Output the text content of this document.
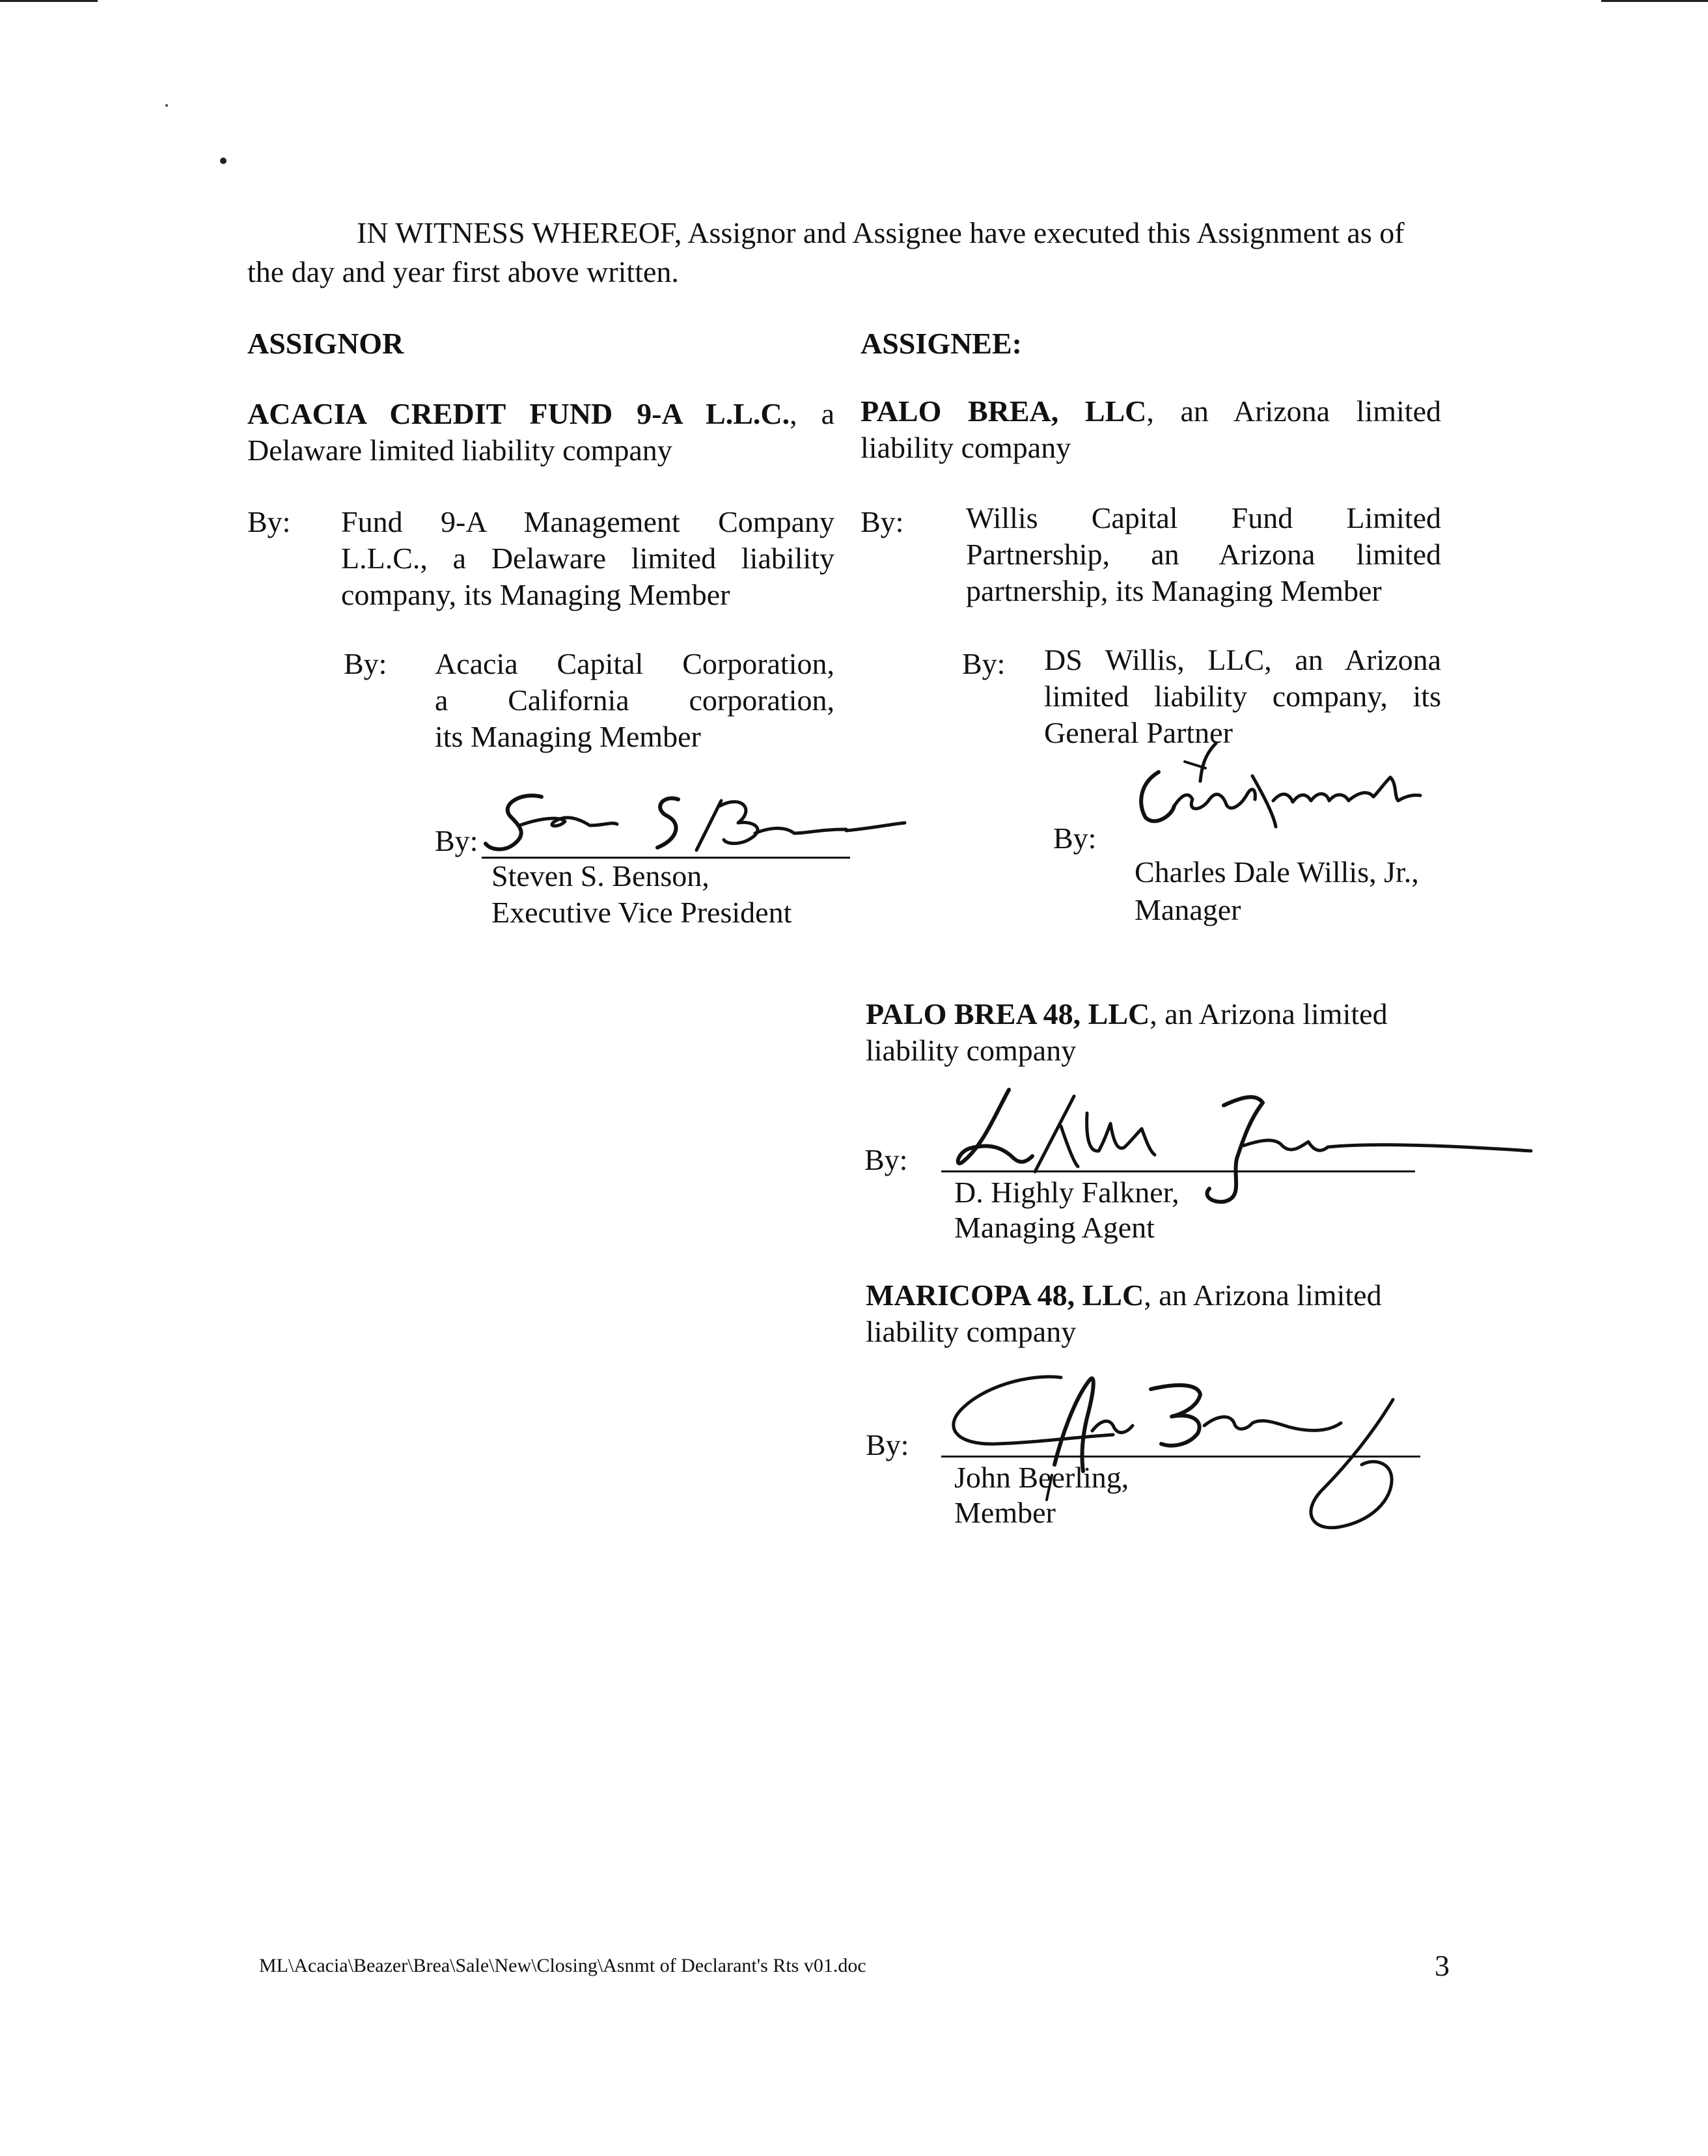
IN WITNESS WHEREOF, Assignor and Assignee have executed this Assignment as of
the day and year first above written.
ASSIGNOR	ASSIGNEE:
ACACIA CREDIT FUND 9-A L.L.C., a
Delaware limited liability company
By: Fund 9-A Management Company
L.L.C., a Delaware limited liability
company, its Managing Member
By: Acacia Capital Corporation,
a California corporation,
its Managing Member
By:
Steven S. Benson,
Executive Vice President
PALO BREA, LLC, an Arizona limited
liability company
By: Willis Capital Fund Limited
Partnership, an Arizona limited
partnership, its Managing Member
By: DS Willis, LLC, an Arizona
limited liability company, its
General Partner
By:
Charles Dale Willis, Jr.,
Manager
PALO BREA 48, LLC, an Arizona limited
liability company
By:
D. Highly Falkner,
Managing Agent
MARICOPA 48, LLC, an Arizona limited
liability company
By:
John Beerling,
Member
ML\Acacia\Beazer\Brea\Sale\New\Closing\Asnmt of Declarant's Rts v01.doc	3
